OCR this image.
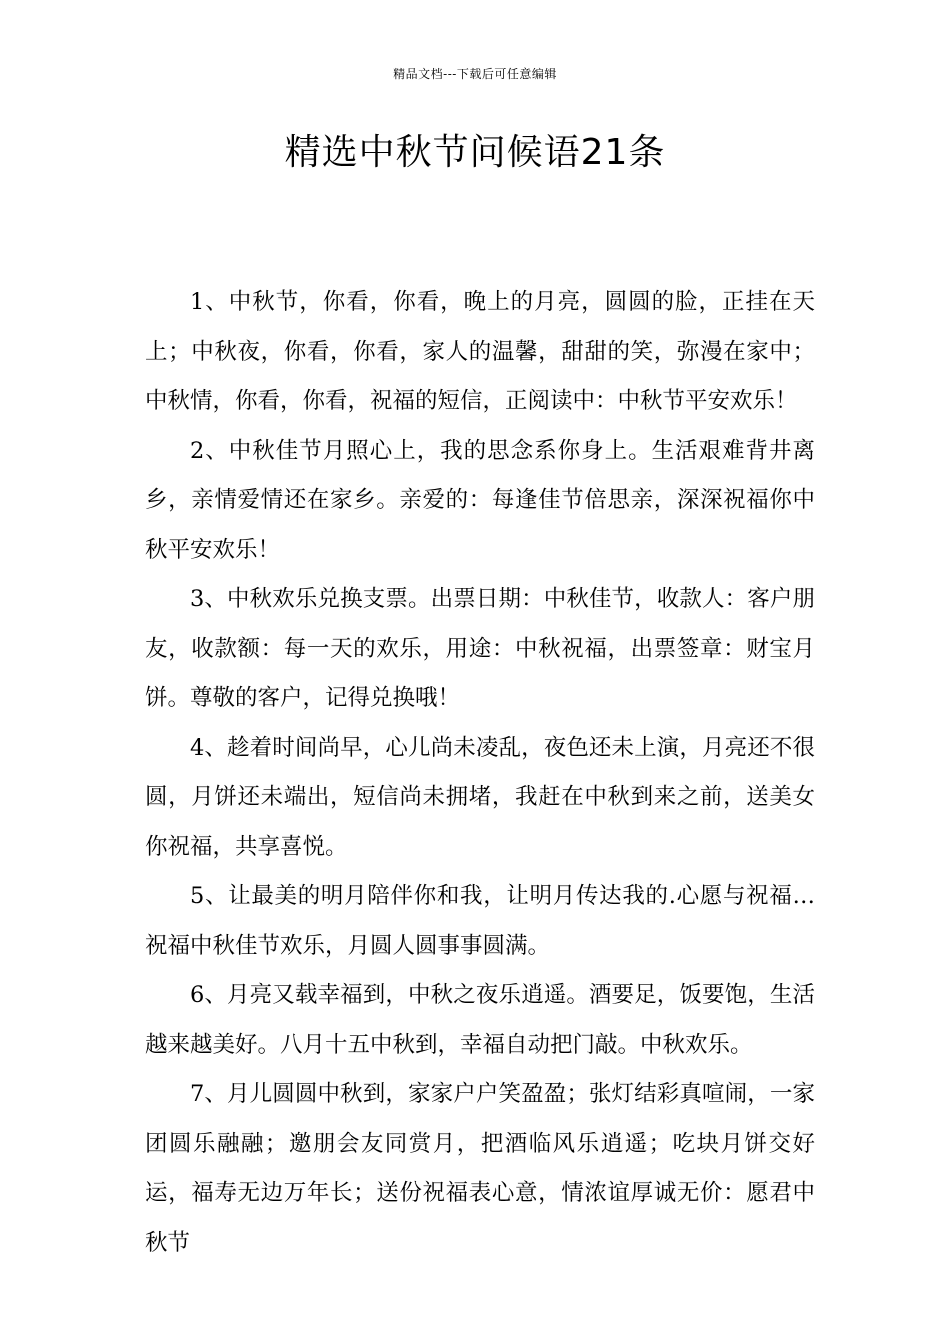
精品文档---下载后可任意编辑
精选中秋节问候语21条

1、中秋节，你看，你看，晚上的月亮，圆圆的脸，正挂在天上；中秋夜，你看，你看，家人的温馨，甜甜的笑，弥漫在家中；中秋情，你看，你看，祝福的短信，正阅读中：中秋节平安欢乐！

2、中秋佳节月照心上，我的思念系你身上。生活艰难背井离乡，亲情爱情还在家乡。亲爱的：每逢佳节倍思亲，深深祝福你中秋平安欢乐！

3、中秋欢乐兑换支票。出票日期：中秋佳节，收款人：客户朋友，收款额：每一天的欢乐，用途：中秋祝福，出票签章：财宝月饼。尊敬的客户，记得兑换哦！

4、趁着时间尚早，心儿尚未凌乱，夜色还未上演，月亮还不很圆，月饼还未端出，短信尚未拥堵，我赶在中秋到来之前，送美女你祝福，共享喜悦。

5、让最美的明月陪伴你和我，让明月传达我的.心愿与祝福…祝福中秋佳节欢乐，月圆人圆事事圆满。

6、月亮又载幸福到，中秋之夜乐逍遥。酒要足，饭要饱，生活越来越美好。八月十五中秋到，幸福自动把门敲。中秋欢乐。

7、月儿圆圆中秋到，家家户户笑盈盈；张灯结彩真喧闹，一家团圆乐融融；邀朋会友同赏月，把酒临风乐逍遥；吃块月饼交好运，福寿无边万年长；送份祝福表心意，情浓谊厚诚无价：愿君中秋节
